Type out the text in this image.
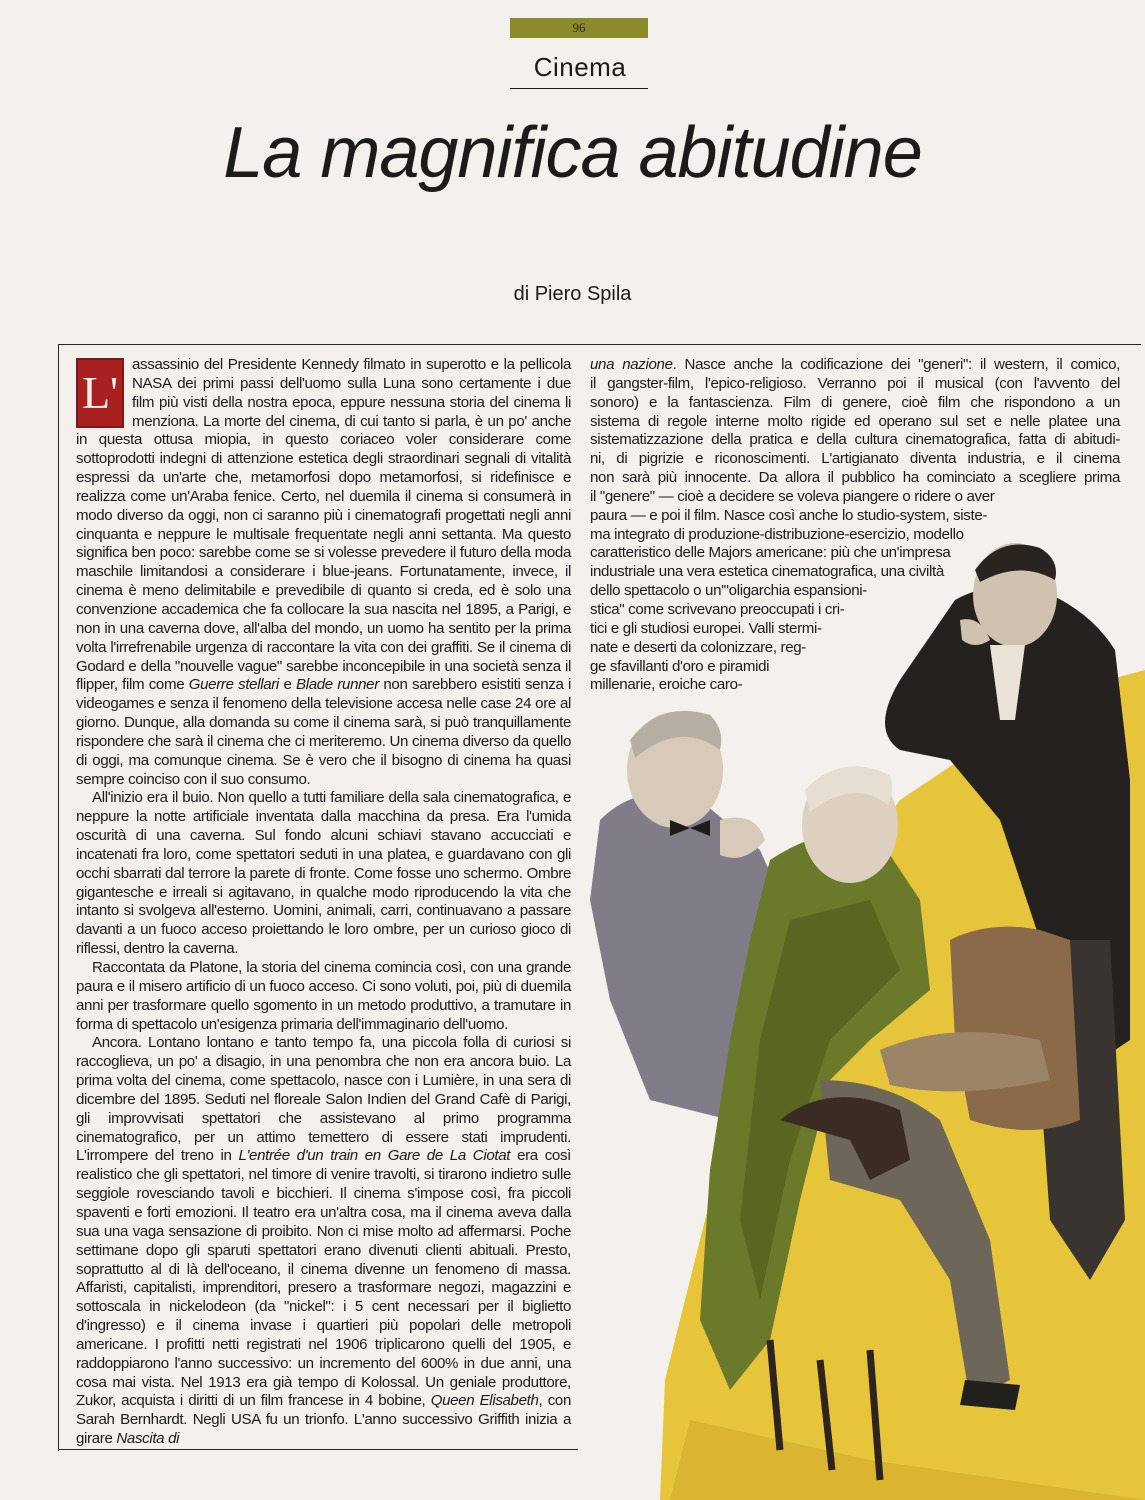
96
Cinema
La magnifica abitudine
di Piero Spila

L'
assassinio del Presidente Kennedy filmato in superotto e la pellicola NASA dei primi passi dell'uomo sulla Luna sono certamente i due film più visti della nostra epoca, eppure nessuna storia del cinema li menziona. La morte del cinema, di cui tanto si parla, è un po' anche in questa ottusa miopia, in questo coriaceo voler considerare come sottoprodotti indegni di attenzione estetica degli straordinari segnali di vitalità espressi da un'arte che, metamorfosi dopo metamorfosi, si ridefinisce e realizza come un'Araba fenice. Certo, nel duemila il cinema si consumerà in modo diverso da oggi, non ci saranno più i cinematografi progettati negli anni cinquanta e neppure le multisale frequentate negli anni settanta. Ma questo significa ben poco: sarebbe come se si volesse prevedere il futuro della moda maschile limitandosi a considerare i blue-jeans. Fortunatamente, invece, il cinema è meno delimitabile e prevedibile di quanto si creda, ed è solo una convenzione accademica che fa collocare la sua nascita nel 1895, a Parigi, e non in una caverna dove, all'alba del mondo, un uomo ha sentito per la prima volta l'irrefrenabile urgenza di raccontare la vita con dei graffiti. Se il cinema di Godard e della "nouvelle vague" sarebbe inconcepibile in una società senza il flipper, film come Guerre stellari e Blade runner non sarebbero esistiti senza i videogames e senza il fenomeno della televisione accesa nelle case 24 ore al giorno. Dunque, alla domanda su come il cinema sarà, si può tranquillamente rispondere che sarà il cinema che ci meriteremo. Un cinema diverso da quello di oggi, ma comunque cinema. Se è vero che il bisogno di cinema ha quasi sempre coinciso con il suo consumo.

All'inizio era il buio. Non quello a tutti familiare della sala cinematografica, e neppure la notte artificiale inventata dalla macchina da presa. Era l'umida oscurità di una caverna. Sul fondo alcuni schiavi stavano accucciati e incatenati fra loro, come spettatori seduti in una platea, e guardavano con gli occhi sbarrati dal terrore la parete di fronte. Come fosse uno schermo. Ombre gigantesche e irreali si agitavano, in qualche modo riproducendo la vita che intanto si svolgeva all'esterno. Uomini, animali, carri, continuavano a passare davanti a un fuoco acceso proiettando le loro ombre, per un curioso gioco di riflessi, dentro la caverna.

Raccontata da Platone, la storia del cinema comincia così, con una grande paura e il misero artificio di un fuoco acceso. Ci sono voluti, poi, più di duemila anni per trasformare quello sgomento in un metodo produttivo, a tramutare in forma di spettacolo un'esigenza primaria dell'immaginario dell'uomo.

Ancora. Lontano lontano e tanto tempo fa, una piccola folla di curiosi si raccoglieva, un po' a disagio, in una penombra che non era ancora buio. La prima volta del cinema, come spettacolo, nasce con i Lumière, in una sera di dicembre del 1895. Seduti nel floreale Salon Indien del Grand Cafè di Parigi, gli improvvisati spettatori che assistevano al primo programma cinematografico, per un attimo temettero di essere stati imprudenti. L'irrompere del treno in L'entrée d'un train en Gare de La Ciotat era così realistico che gli spettatori, nel timore di venire travolti, si tirarono indietro sulle seggiole rovesciando tavoli e bicchieri. Il cinema s'impose così, fra piccoli spaventi e forti emozioni. Il teatro era un'altra cosa, ma il cinema aveva dalla sua una vaga sensazione di proibito. Non ci mise molto ad affermarsi. Poche settimane dopo gli sparuti spettatori erano divenuti clienti abituali. Presto, soprattutto al di là dell'oceano, il cinema divenne un fenomeno di massa. Affaristi, capitalisti, imprenditori, presero a trasformare negozi, magazzini e sottoscala in nickelodeon (da "nickel": i 5 cent necessari per il biglietto d'ingresso) e il cinema invase i quartieri più popolari delle metropoli americane. I profitti netti registrati nel 1906 triplicarono quelli del 1905, e raddoppiarono l'anno successivo: un incremento del 600% in due anni, una cosa mai vista. Nel 1913 era già tempo di Kolossal. Un geniale produttore, Zukor, acquista i diritti di un film francese in 4 bobine, Queen Elisabeth, con Sarah Bernhardt. Negli USA fu un trionfo. L'anno successivo Griffith inizia a girare Nascita di

una nazione. Nasce anche la codificazione dei "generi": il western, il comico,
il gangster-film, l'epico-religioso. Verranno poi il musical (con l'avvento del
sonoro) e la fantascienza. Film di genere, cioè film che rispondono a un
sistema di regole interne molto rigide ed operano sul set e nelle platee una
sistematizzazione della pratica e della cultura cinematografica, fatta di abitudi-
ni, di pigrizie e riconoscimenti. L'artigianato diventa industria, e il cinema
non sarà più innocente. Da allora il pubblico ha cominciato a scegliere prima
il "genere" — cioè a decidere se voleva piangere o ridere o aver
paura — e poi il film. Nasce così anche lo studio-system, siste-
ma integrato di produzione-distribuzione-esercizio, modello
caratteristico delle Majors americane: più che un'impresa
industriale una vera estetica cinematografica, una civiltà
dello spettacolo o un'"oligarchia espansioni-
stica" come scrivevano preoccupati i cri-
tici e gli studiosi europei. Valli stermi-
nate e deserti da colonizzare, reg-
ge sfavillanti d'oro e piramidi
millenarie, eroiche caro-
